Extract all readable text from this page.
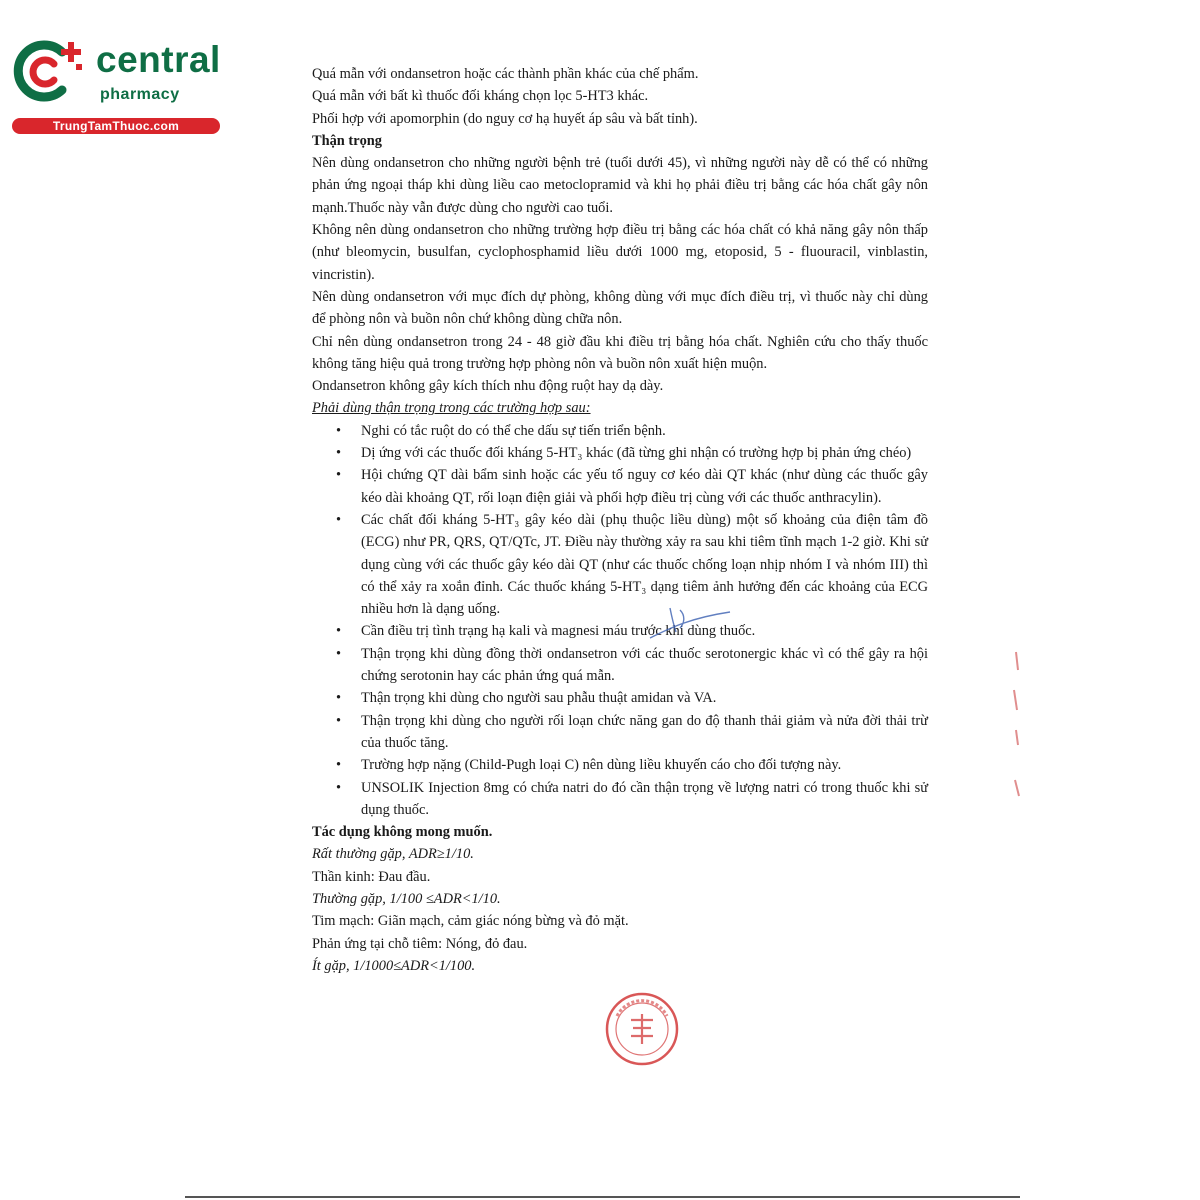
central
pharmacy
TrungTamThuoc.com

Quá mẫn với ondansetron hoặc các thành phần khác của chế phẩm.

Quá mẫn với bất kì thuốc đối kháng chọn lọc 5-HT3 khác.

Phối hợp với apomorphin (do nguy cơ hạ huyết áp sâu và bất tỉnh).

Thận trọng

Nên dùng ondansetron cho những người bệnh trẻ (tuổi dưới 45), vì những người này dễ có thể có những phản ứng ngoại tháp khi dùng liều cao metoclopramid và khi họ phải điều trị bằng các hóa chất gây nôn mạnh.Thuốc này vẫn được dùng cho người cao tuổi.

Không nên dùng ondansetron cho những trường hợp điều trị bằng các hóa chất có khả năng gây nôn thấp (như bleomycin, busulfan, cyclophosphamid liều dưới 1000 mg, etoposid, 5 - fluouracil, vinblastin, vincristin).

Nên dùng ondansetron với mục đích dự phòng, không dùng với mục đích điều trị, vì thuốc này chỉ dùng để phòng nôn và buồn nôn chứ không dùng chữa nôn.

Chỉ nên dùng ondansetron trong 24 - 48 giờ đầu khi điều trị bằng hóa chất. Nghiên cứu cho thấy thuốc không tăng hiệu quả trong trường hợp phòng nôn và buồn nôn xuất hiện muộn.

Ondansetron không gây kích thích nhu động ruột hay dạ dày.

Phải dùng thận trọng trong các trường hợp sau:

• Nghi có tắc ruột do có thể che dấu sự tiến triển bệnh.
• Dị ứng với các thuốc đối kháng 5-HT₃ khác (đã từng ghi nhận có trường hợp bị phản ứng chéo)
• Hội chứng QT dài bẩm sinh hoặc các yếu tố nguy cơ kéo dài QT khác (như dùng các thuốc gây kéo dài khoảng QT, rối loạn điện giải và phối hợp điều trị cùng với các thuốc anthracylin).
• Các chất đối kháng 5-HT₃ gây kéo dài (phụ thuộc liều dùng) một số khoảng của điện tâm đồ (ECG) như PR, QRS, QT/QTc, JT. Điều này thường xảy ra sau khi tiêm tĩnh mạch 1-2 giờ. Khi sử dụng cùng với các thuốc gây kéo dài QT (như các thuốc chống loạn nhịp nhóm I và nhóm III) thì có thể xảy ra xoắn đỉnh. Các thuốc kháng 5-HT₃ dạng tiêm ảnh hưởng đến các khoảng của ECG nhiều hơn là dạng uống.
• Cần điều trị tình trạng hạ kali và magnesi máu trước khi dùng thuốc.
• Thận trọng khi dùng đồng thời ondansetron với các thuốc serotonergic khác vì có thể gây ra hội chứng serotonin hay các phản ứng quá mẫn.
• Thận trọng khi dùng cho người sau phẫu thuật amidan và VA.
• Thận trọng khi dùng cho người rối loạn chức năng gan do độ thanh thải giảm và nửa đời thải trừ của thuốc tăng.
• Trường hợp nặng (Child-Pugh loại C) nên dùng liều khuyến cáo cho đối tượng này.
• UNSOLIK Injection 8mg có chứa natri do đó cần thận trọng về lượng natri có trong thuốc khi sử dụng thuốc.

Tác dụng không mong muốn.

Rất thường gặp, ADR≥1/10.

Thần kinh: Đau đầu.

Thường gặp, 1/100 ≤ADR<1/10.

Tim mạch: Giãn mạch, cảm giác nóng bừng và đỏ mặt.

Phản ứng tại chỗ tiêm: Nóng, đỏ đau.

Ít gặp, 1/1000≤ADR<1/100.
